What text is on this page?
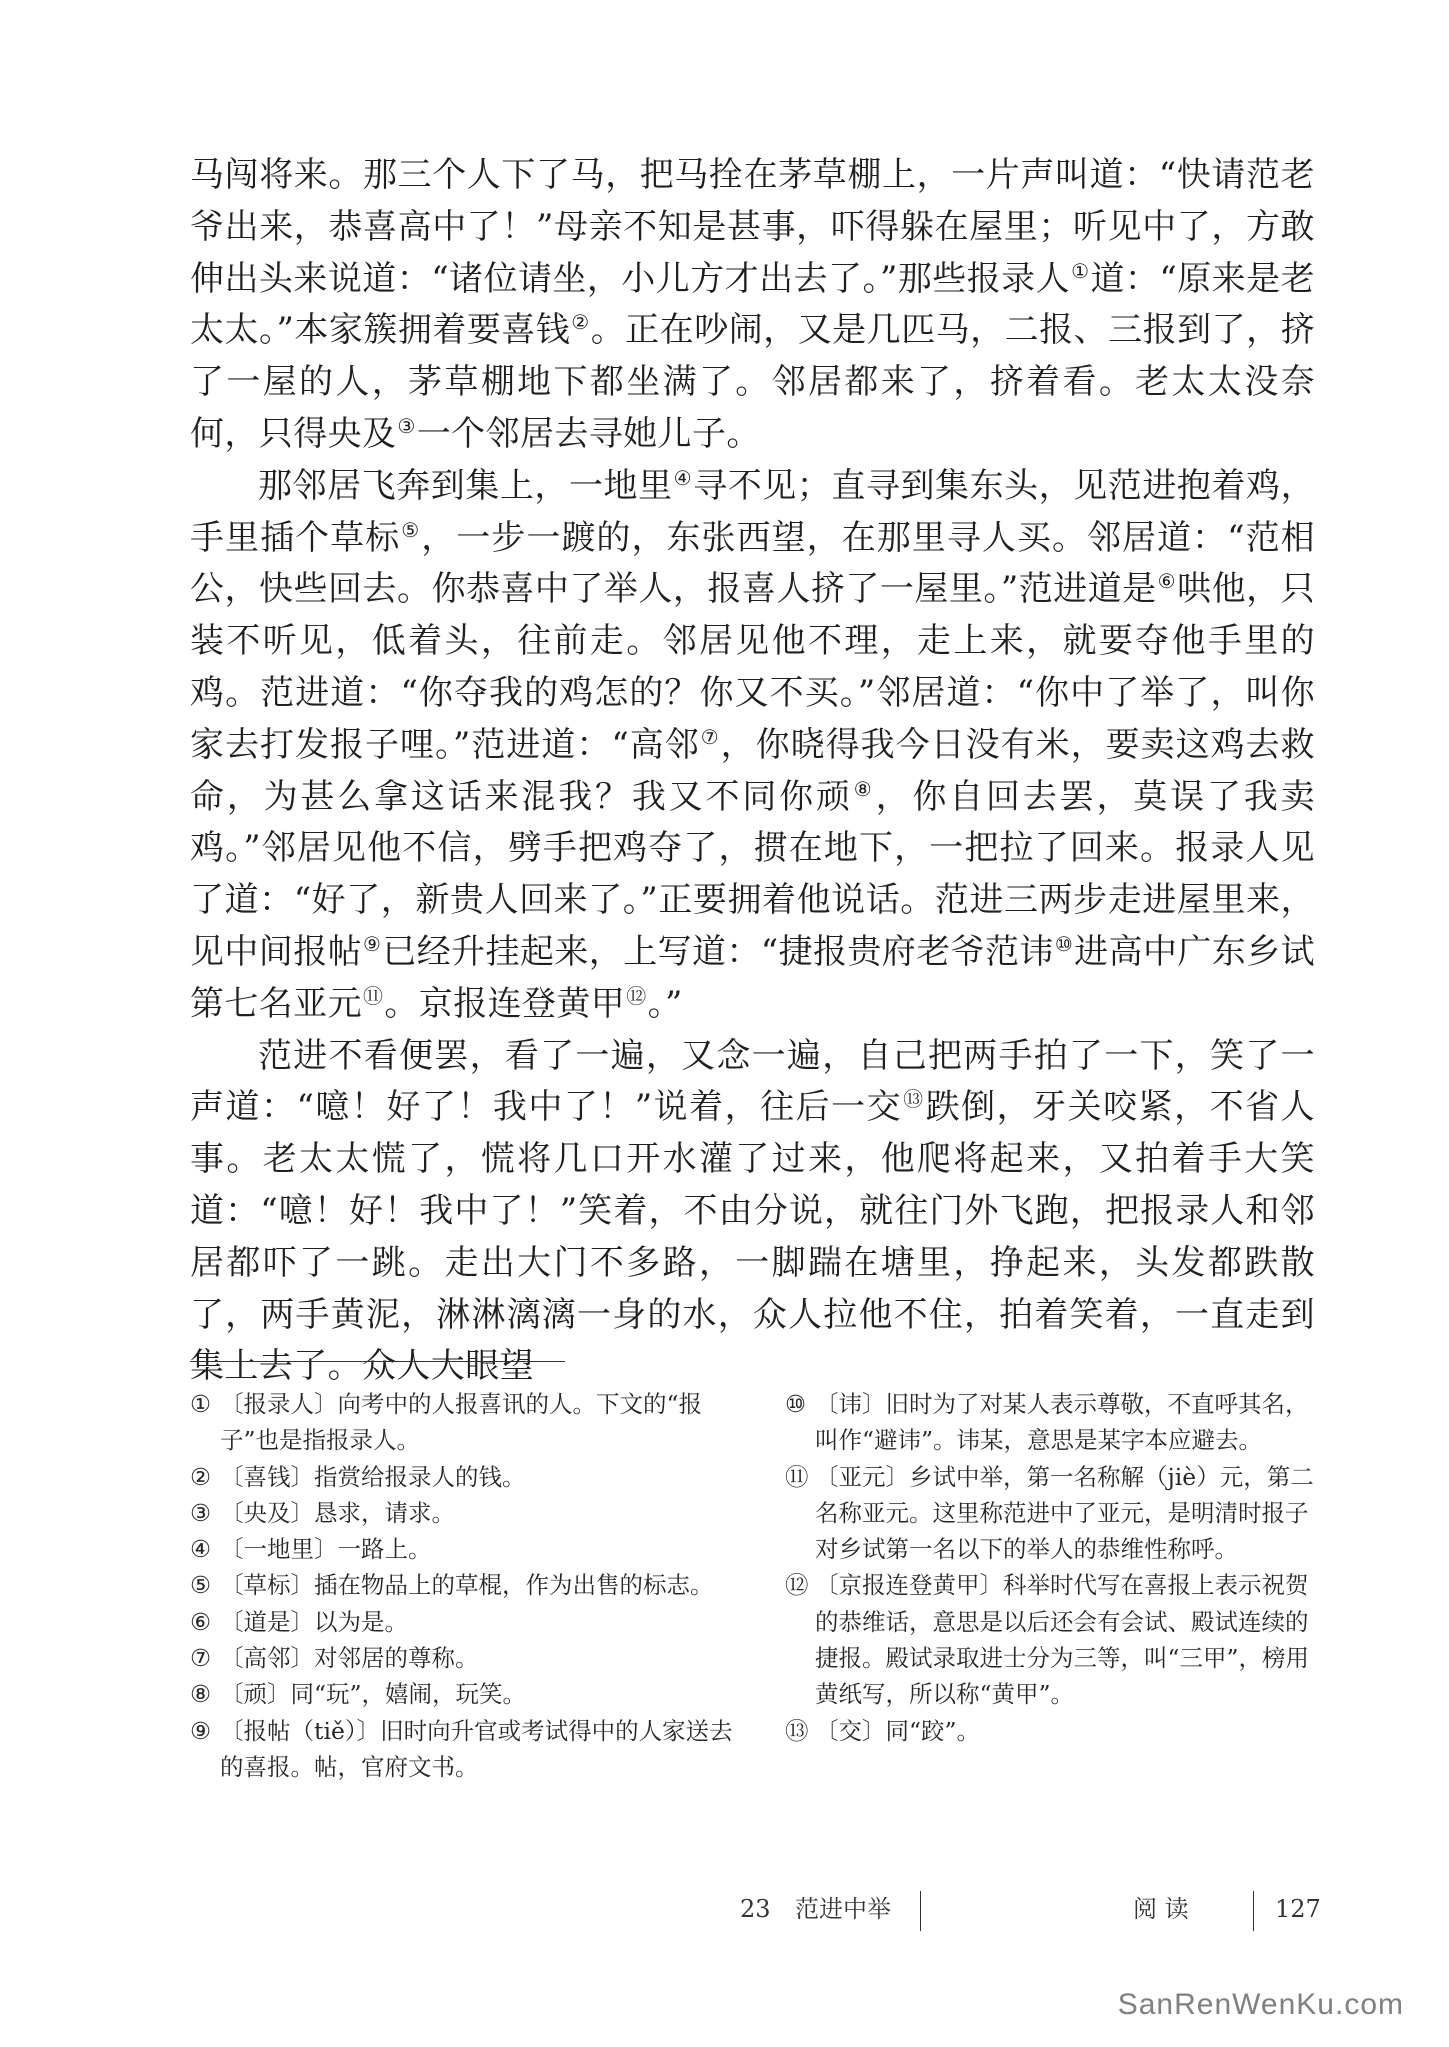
马闯将来。那三个人下了马，把马拴在茅草棚上，一片声叫道：“快请范老爷出来，恭喜高中了！”母亲不知是甚事，吓得躲在屋里；听见中了，方敢伸出头来说道：“诸位请坐，小儿方才出去了。”那些报录人①道：“原来是老太太。”本家簇拥着要喜钱②。正在吵闹，又是几匹马，二报、三报到了，挤了一屋的人，茅草棚地下都坐满了。邻居都来了，挤着看。老太太没奈何，只得央及③一个邻居去寻她儿子。

那邻居飞奔到集上，一地里④寻不见；直寻到集东头，见范进抱着鸡，手里插个草标⑤，一步一踱的，东张西望，在那里寻人买。邻居道：“范相公，快些回去。你恭喜中了举人，报喜人挤了一屋里。”范进道是⑥哄他，只装不听见，低着头，往前走。邻居见他不理，走上来，就要夺他手里的鸡。范进道：“你夺我的鸡怎的？你又不买。”邻居道：“你中了举了，叫你家去打发报子哩。”范进道：“高邻⑦，你晓得我今日没有米，要卖这鸡去救命，为甚么拿这话来混我？我又不同你顽⑧，你自回去罢，莫误了我卖鸡。”邻居见他不信，劈手把鸡夺了，掼在地下，一把拉了回来。报录人见了道：“好了，新贵人回来了。”正要拥着他说话。范进三两步走进屋里来，见中间报帖⑨已经升挂起来，上写道：“捷报贵府老爷范讳⑩进高中广东乡试第七名亚元⑪。京报连登黄甲⑫。”

范进不看便罢，看了一遍，又念一遍，自己把两手拍了一下，笑了一声道：“噫！好了！我中了！”说着，往后一交⑬跌倒，牙关咬紧，不省人事。老太太慌了，慌将几口开水灌了过来，他爬将起来，又拍着手大笑道：“噫！好！我中了！”笑着，不由分说，就往门外飞跑，把报录人和邻居都吓了一跳。走出大门不多路，一脚踹在塘里，挣起来，头发都跌散了，两手黄泥，淋淋漓漓一身的水，众人拉他不住，拍着笑着，一直走到集上去了。众人大眼望

① 〔报录人〕向考中的人报喜讯的人。下文的“报子”也是指报录人。
② 〔喜钱〕指赏给报录人的钱。
③ 〔央及〕恳求，请求。
④ 〔一地里〕一路上。
⑤ 〔草标〕插在物品上的草棍，作为出售的标志。
⑥ 〔道是〕以为是。
⑦ 〔高邻〕对邻居的尊称。
⑧ 〔顽〕同“玩”，嬉闹，玩笑。
⑨ 〔报帖（tiě）〕旧时向升官或考试得中的人家送去的喜报。帖，官府文书。
⑩ 〔讳〕旧时为了对某人表示尊敬，不直呼其名，叫作“避讳”。讳某，意思是某字本应避去。
⑪ 〔亚元〕乡试中举，第一名称解（jiè）元，第二名称亚元。这里称范进中了亚元，是明清时报子对乡试第一名以下的举人的恭维性称呼。
⑫ 〔京报连登黄甲〕科举时代写在喜报上表示祝贺的恭维话，意思是以后还会有会试、殿试连续的捷报。殿试录取进士分为三等，叫“三甲”，榜用黄纸写，所以称“黄甲”。
⑬ 〔交〕同“跤”。
23 范进中举	阅 读	127
SanRenWenKu.com
